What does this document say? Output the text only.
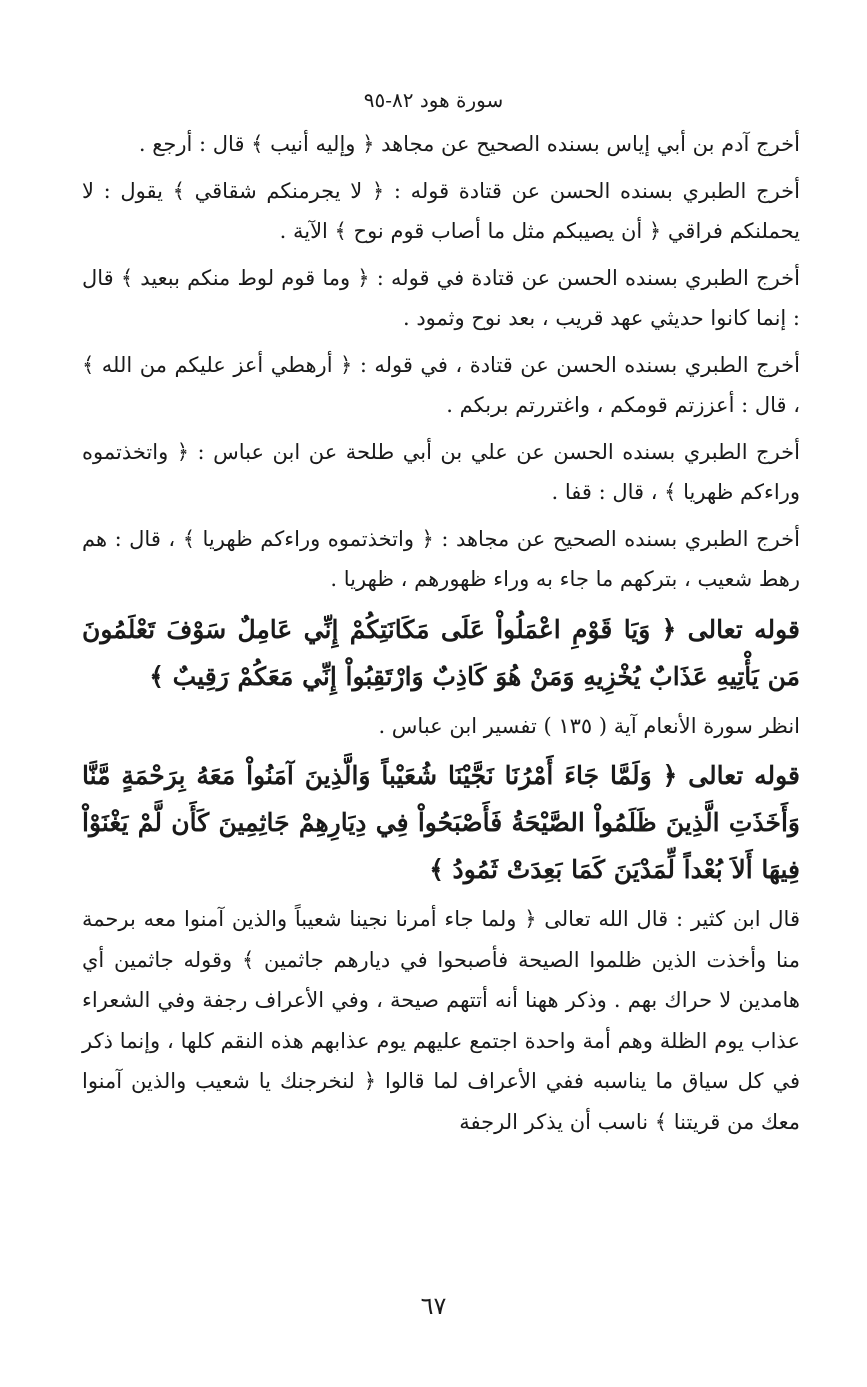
سورة هود ٨٢-٩٥

أخرج آدم بن أبي إياس بسنده الصحيح عن مجاهد ﴿ وإليه أنيب ﴾ قال : أرجع .

أخرج الطبري بسنده الحسن عن قتادة قوله : ﴿ لا يجرمنكم شقاقي ﴾ يقول : لا يحملنكم فراقي ﴿ أن يصيبكم مثل ما أصاب قوم نوح ﴾ الآية .

أخرج الطبري بسنده الحسن عن قتادة في قوله : ﴿ وما قوم لوط منكم ببعيد ﴾ قال : إنما كانوا حديثي عهد قريب ، بعد نوح وثمود .

أخرج الطبري بسنده الحسن عن قتادة ، في قوله : ﴿ أرهطي أعز عليكم من الله ﴾ ، قال : أعززتم قومكم ، واغتررتم بربكم .

أخرج الطبري بسنده الحسن عن علي بن أبي طلحة عن ابن عباس : ﴿ واتخذتموه وراءكم ظهريا ﴾ ، قال : قفا .

أخرج الطبري بسنده الصحيح عن مجاهد : ﴿ واتخذتموه وراءكم ظهريا ﴾ ، قال : هم رهط شعيب ، بتركهم ما جاء به وراء ظهورهم ، ظهريا .

قوله تعالى ﴿ وَيَا قَوْمِ اعْمَلُواْ عَلَى مَكَانَتِكُمْ إِنِّي عَامِلٌ سَوْفَ تَعْلَمُونَ مَن يَأْتِيهِ عَذَابٌ يُخْزِيهِ وَمَنْ هُوَ كَاذِبٌ وَارْتَقِبُواْ إِنِّي مَعَكُمْ رَقِيبٌ ﴾

انظر سورة الأنعام آية ( ١٣٥ ) تفسير ابن عباس .

قوله تعالى ﴿ وَلَمَّا جَاءَ أَمْرُنَا نَجَّيْنَا شُعَيْباً وَالَّذِينَ آمَنُواْ مَعَهُ بِرَحْمَةٍ مَّنَّا وَأَخَذَتِ الَّذِينَ ظَلَمُواْ الصَّيْحَةُ فَأَصْبَحُواْ فِي دِيَارِهِمْ جَاثِمِينَ كَأَن لَّمْ يَغْنَوْاْ فِيهَا أَلاَ بُعْداً لِّمَدْيَنَ كَمَا بَعِدَتْ ثَمُودُ ﴾

قال ابن كثير : قال الله تعالى ﴿ ولما جاء أمرنا نجينا شعيباً والذين آمنوا معه برحمة منا وأخذت الذين ظلموا الصيحة فأصبحوا في ديارهم جاثمين ﴾ وقوله جاثمين أي هامدين لا حراك بهم . وذكر ههنا أنه أتتهم صيحة ، وفي الأعراف رجفة وفي الشعراء عذاب يوم الظلة وهم أمة واحدة اجتمع عليهم يوم عذابهم هذه النقم كلها ، وإنما ذكر في كل سياق ما يناسبه ففي الأعراف لما قالوا ﴿ لنخرجنك يا شعيب والذين آمنوا معك من قريتنا ﴾ ناسب أن يذكر الرجفة

٦٧
